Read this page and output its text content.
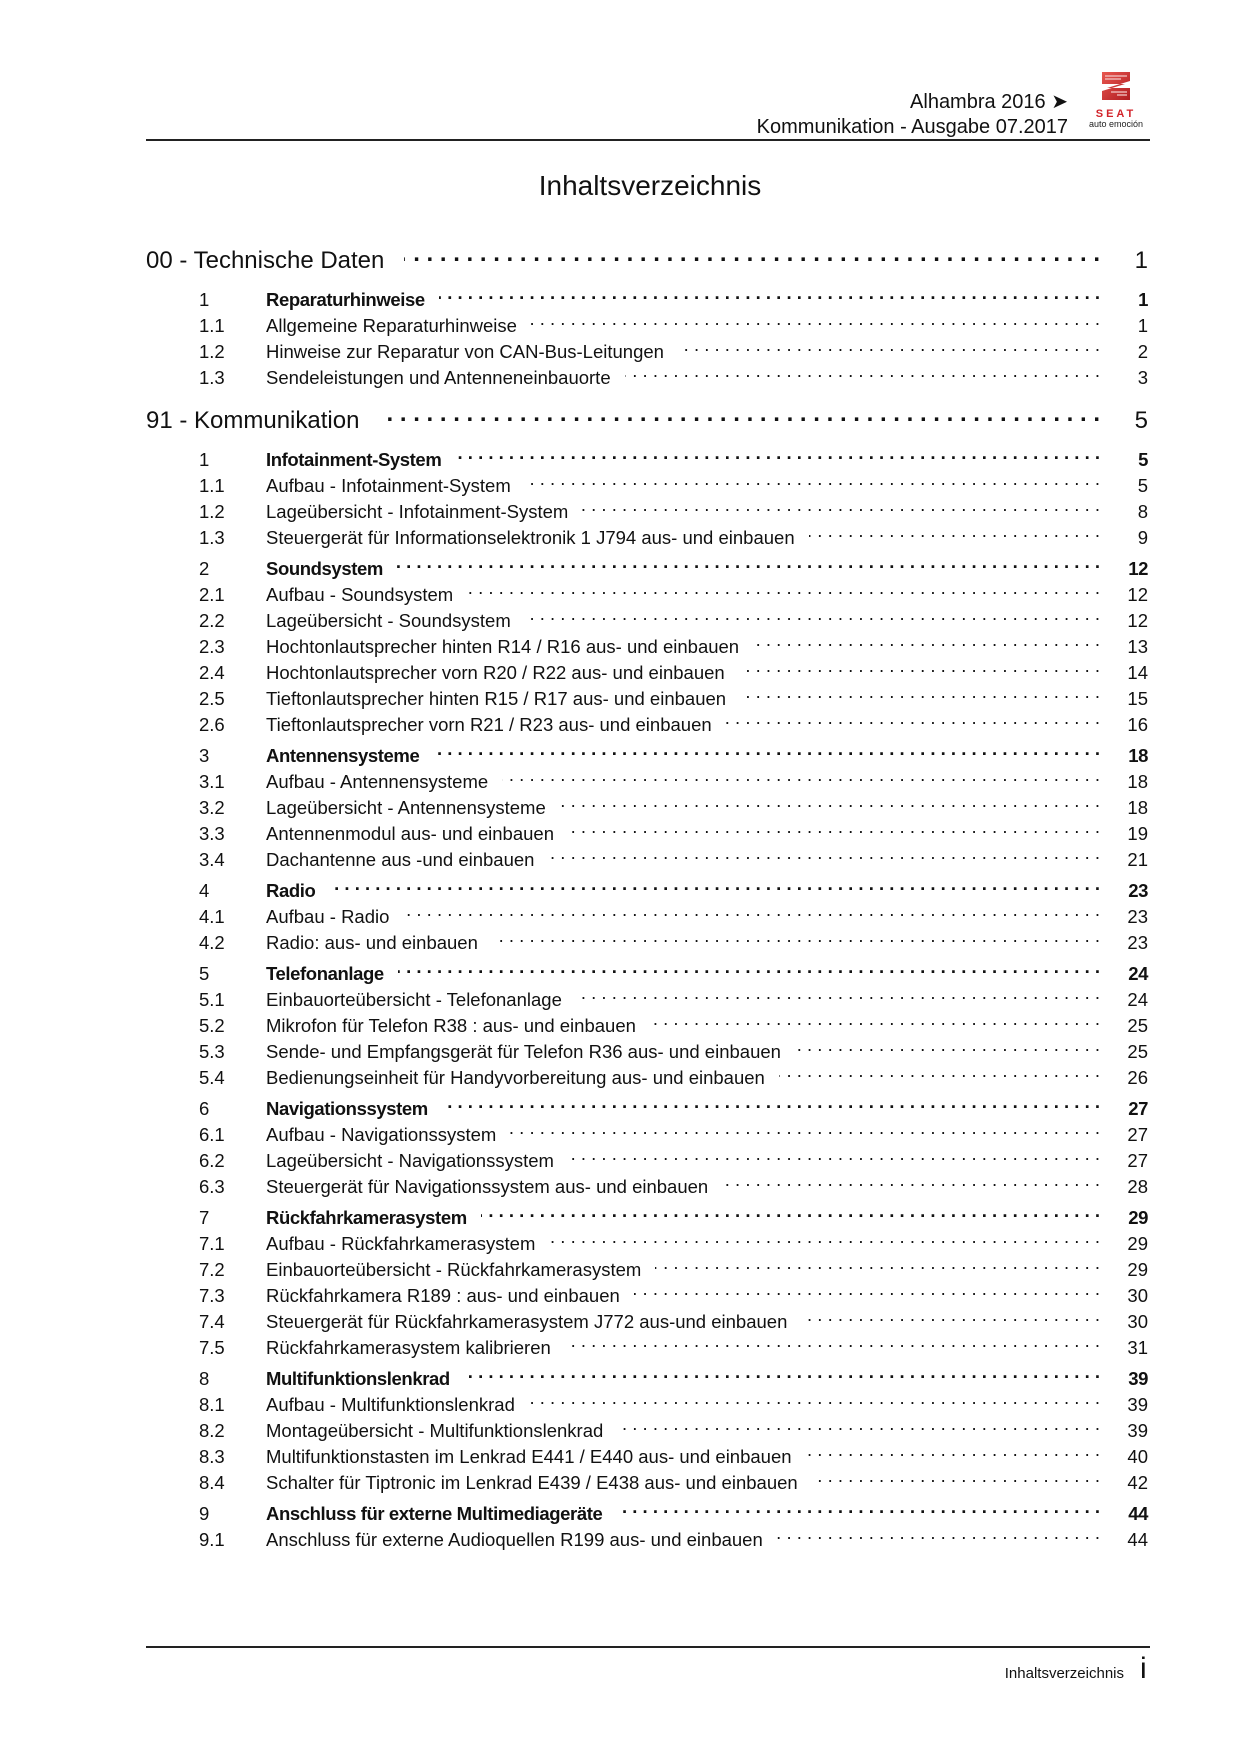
Alhambra 2016 ➤
Kommunikation - Ausgabe 07.2017
SEAT
auto emoción
Inhaltsverzeichnis
00 - Technische Daten . . .	1
1	Reparaturhinweise . . .	1
1.1	Allgemeine Reparaturhinweise . . .	1
1.2	Hinweise zur Reparatur von CAN-Bus-Leitungen . . .	2
1.3	Sendeleistungen und Antenneneinbauorte . . .	3
91 - Kommunikation . . .	5
1	Infotainment-System . . .	5
1.1	Aufbau - Infotainment-System . . .	5
1.2	Lageübersicht - Infotainment-System . . .	8
1.3	Steuergerät für Informationselektronik 1 J794 aus- und einbauen . . .	9
2	Soundsystem . . .	12
2.1	Aufbau - Soundsystem . . .	12
2.2	Lageübersicht - Soundsystem . . .	12
2.3	Hochtonlautsprecher hinten R14 / R16 aus- und einbauen . . .	13
2.4	Hochtonlautsprecher vorn R20 / R22 aus- und einbauen . . .	14
2.5	Tieftonlautsprecher hinten R15 / R17 aus- und einbauen . . .	15
2.6	Tieftonlautsprecher vorn R21 / R23 aus- und einbauen . . .	16
3	Antennensysteme . . .	18
3.1	Aufbau - Antennensysteme . . .	18
3.2	Lageübersicht - Antennensysteme . . .	18
3.3	Antennenmodul aus- und einbauen . . .	19
3.4	Dachantenne aus -und einbauen . . .	21
4	Radio . . .	23
4.1	Aufbau - Radio . . .	23
4.2	Radio: aus- und einbauen . . .	23
5	Telefonanlage . . .	24
5.1	Einbauorteübersicht - Telefonanlage . . .	24
5.2	Mikrofon für Telefon R38 : aus- und einbauen . . .	25
5.3	Sende- und Empfangsgerät für Telefon R36 aus- und einbauen . . .	25
5.4	Bedienungseinheit für Handyvorbereitung aus- und einbauen . . .	26
6	Navigationssystem . . .	27
6.1	Aufbau - Navigationssystem . . .	27
6.2	Lageübersicht - Navigationssystem . . .	27
6.3	Steuergerät für Navigationssystem aus- und einbauen . . .	28
7	Rückfahrkamerasystem . . .	29
7.1	Aufbau - Rückfahrkamerasystem . . .	29
7.2	Einbauorteübersicht - Rückfahrkamerasystem . . .	29
7.3	Rückfahrkamera R189 : aus- und einbauen . . .	30
7.4	Steuergerät für Rückfahrkamerasystem J772 aus-und einbauen . . .	30
7.5	Rückfahrkamerasystem kalibrieren . . .	31
8	Multifunktionslenkrad . . .	39
8.1	Aufbau - Multifunktionslenkrad . . .	39
8.2	Montageübersicht - Multifunktionslenkrad . . .	39
8.3	Multifunktionstasten im Lenkrad E441 / E440 aus- und einbauen . . .	40
8.4	Schalter für Tiptronic im Lenkrad E439 / E438 aus- und einbauen . . .	42
9	Anschluss für externe Multimediageräte . . .	44
9.1	Anschluss für externe Audioquellen R199 aus- und einbauen . . .	44
Inhaltsverzeichnis i
